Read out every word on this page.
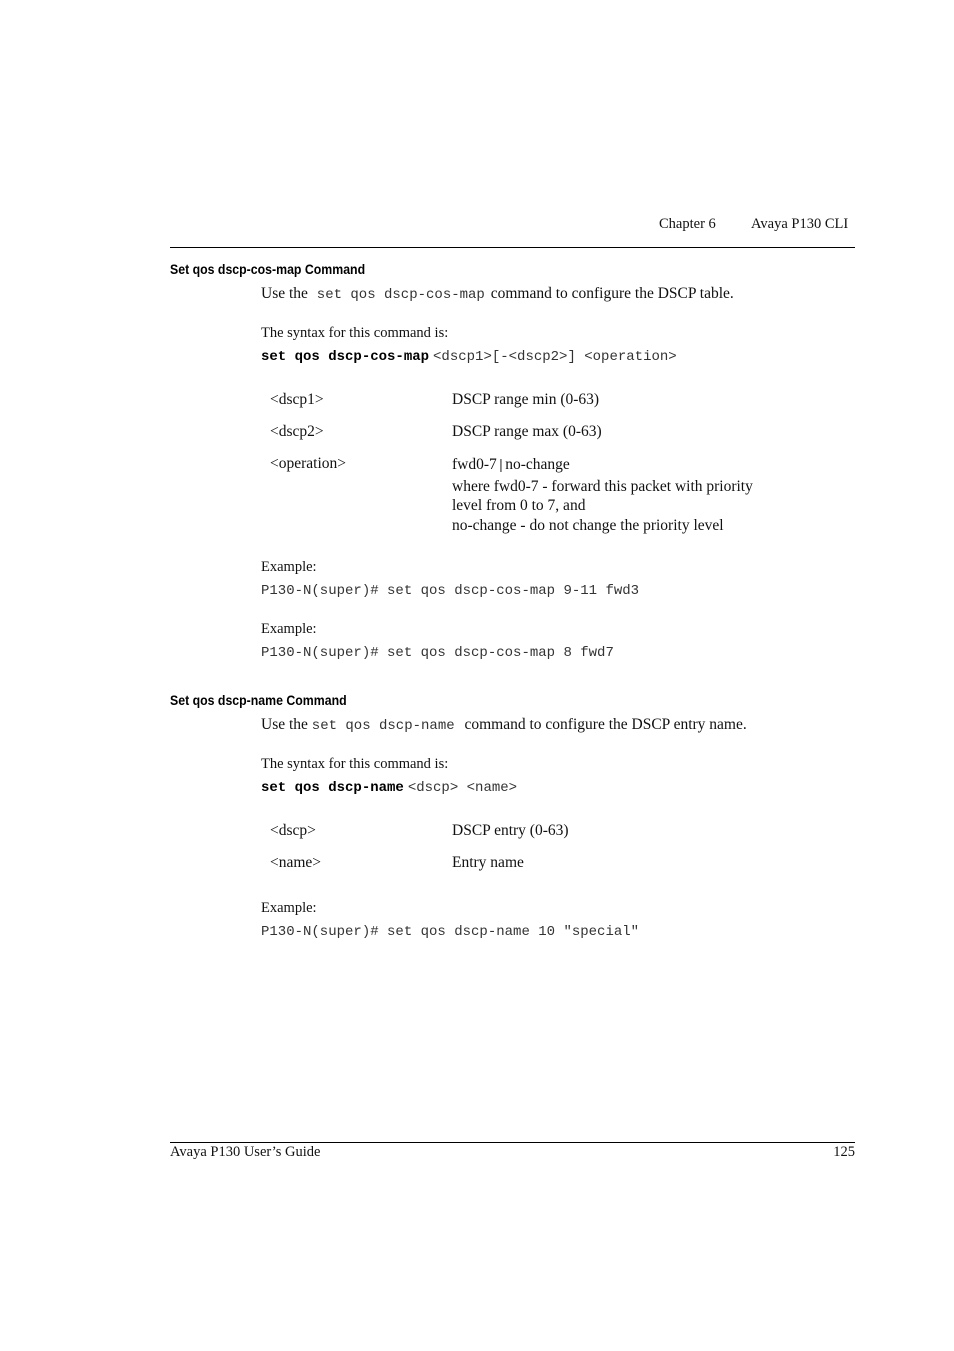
Chapter 6 Avaya P130 CLI
Set qos dscp-cos-map Command
Use the set qos dscp-cos-map command to configure the DSCP table.
The syntax for this command is:
set qos dscp-cos-map <dscp1>[-<dscp2>] <operation>
<dscp1>	DSCP range min (0-63)
<dscp2>	DSCP range max (0-63)
<operation>	fwd0-7|no-change
where fwd0-7 - forward this packet with priority
level from 0 to 7, and
no-change - do not change the priority level
Example:
P130-N(super)# set qos dscp-cos-map 9-11 fwd3
Example:
P130-N(super)# set qos dscp-cos-map 8 fwd7
Set qos dscp-name Command
Use the set qos dscp-name command to configure the DSCP entry name.
The syntax for this command is:
set qos dscp-name <dscp> <name>
<dscp>	DSCP entry (0-63)
<name>	Entry name
Example:
P130-N(super)# set qos dscp-name 10 "special"
Avaya P130 User’s Guide	125
